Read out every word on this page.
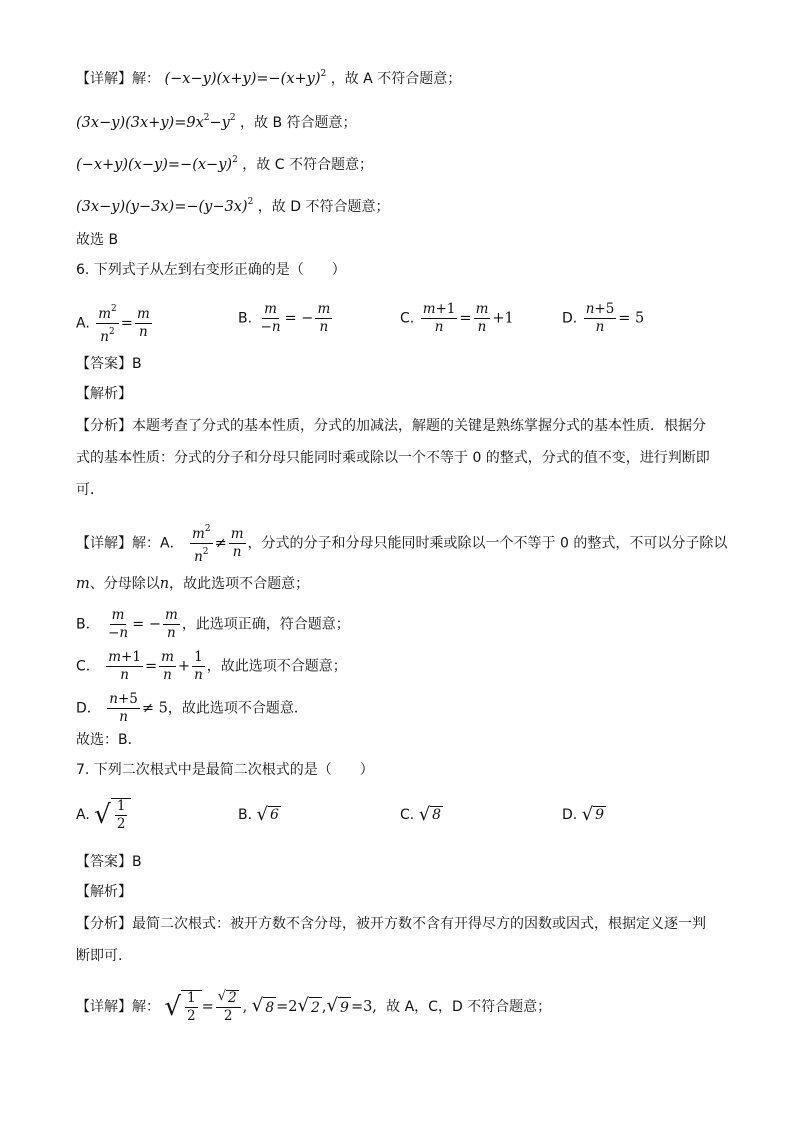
【详解】解： $(-x-y)(x+y)=-(x+y)^2$ ，故 A 不符合题意；
$(3x-y)(3x+y)=9x^2-y^2$ ，故 B 符合题意；
$(-x+y)(x-y)=-(x-y)^2$ ，故 C 不符合题意；
$(3x-y)(y-3x)=-(y-3x)^2$ ，故 D 不符合题意；
故选 B
6. 下列式子从左到右变形正确的是（　　）
A. $\frac{m^2}{n^2} = \frac{m}{n}$	B. $\frac{m}{-n}$ = − $\frac{m}{n}$	C. $\frac{m+1}{n} = \frac{m}{n} +1$	D. $\frac{n+5}{n} = 5$
【答案】B
【解析】
【分析】本题考查了分式的基本性质，分式的加减法，解题的关键是熟练掌握分式的基本性质．根据分
式的基本性质：分式的分子和分母只能同时乘或除以一个不等于 0 的整式，分式的值不变，进行判断即
可．
【详解】解：A． $\frac{m^2}{n^2} \ne \frac{m}{n}$ ，分式的分子和分母只能同时乘或除以一个不等于 0 的整式，不可以分子除以
m、分母除以n，故此选项不合题意；
B． $\frac{m}{-n}$ = − $\frac{m}{n}$ ，此选项正确，符合题意；
C． $\frac{m+1}{n} = \frac{m}{n} + \frac{1}{n}$ ，故此选项不合题意；
D． $\frac{n+5}{n} \ne 5$，故此选项不合题意．
故选：B．
7. 下列二次根式中是最简二次根式的是（　　）
A. √ $\frac{1}{2}$	B. √ 6	C. √ 8	D. √ 9
【答案】B
【解析】
【分析】最简二次根式：被开方数不含分母，被开方数不含有开得尽方的因数或因式，根据定义逐一判
断即可.
【详解】解： √ $\frac{1}{2} = \frac{√ 2}{2}$ , √ 8 =2 √ 2 , √ 9 =3,  故 A，C，D 不符合题意；
